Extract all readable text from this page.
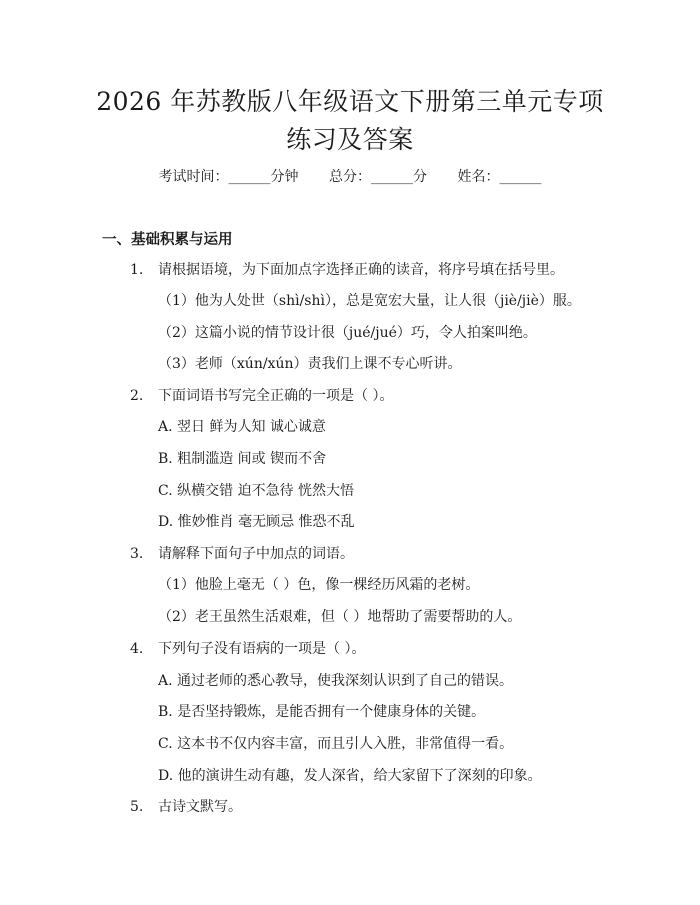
2026 年苏教版八年级语文下册第三单元专项
练习及答案
考试时间：______分钟 总分：______分 姓名：______
一、基础积累与运用
1. 请根据语境，为下面加点字选择正确的读音，将序号填在括号里。
（1）他为人处世（shì/shì），总是宽宏大量，让人很（jiè/jiè）服。
（2）这篇小说的情节设计很（jué/jué）巧，令人拍案叫绝。
（3）老师（xún/xún）责我们上课不专心听讲。
2. 下面词语书写完全正确的一项是（ ）。
A. 翌日 鲜为人知 诚心诚意
B. 粗制滥造 间或 锲而不舍
C. 纵横交错 迫不急待 恍然大悟
D. 惟妙惟肖 毫无顾忌 惟恐不乱
3. 请解释下面句子中加点的词语。
（1）他脸上毫无（ ）色，像一棵经历风霜的老树。
（2）老王虽然生活艰难，但（ ）地帮助了需要帮助的人。
4. 下列句子没有语病的一项是（ ）。
A. 通过老师的悉心教导，使我深刻认识到了自己的错误。
B. 是否坚持锻炼，是能否拥有一个健康身体的关键。
C. 这本书不仅内容丰富，而且引人入胜，非常值得一看。
D. 他的演讲生动有趣，发人深省，给大家留下了深刻的印象。
5. 古诗文默写。
